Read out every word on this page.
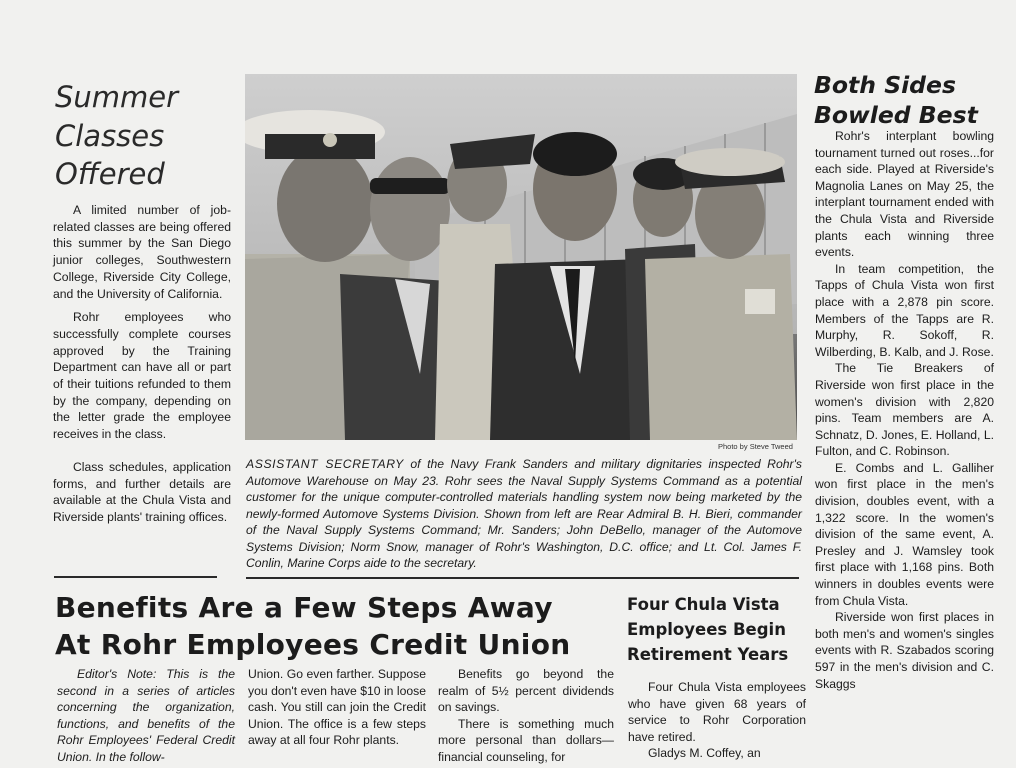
Summer Classes Offered

A limited number of job-related classes are being offered this summer by the San Diego junior colleges, Southwestern College, Riverside City College, and the University of California.

Rohr employees who successfully complete courses approved by the Training Department can have all or part of their tuitions refunded to them by the company, depending on the letter grade the employee receives in the class.

Class schedules, application forms, and further details are available at the Chula Vista and Riverside plants' training offices.

Photo by Steve Tweed
ASSISTANT SECRETARY of the Navy Frank Sanders and military dignitaries inspected Rohr's Automove Warehouse on May 23. Rohr sees the Naval Supply Systems Command as a potential customer for the unique computer-controlled materials handling system now being marketed by the newly-formed Automove Systems Division. Shown from left are Rear Admiral B. H. Bieri, commander of the Naval Supply Systems Command; Mr. Sanders; John DeBello, manager of the Automove Systems Division; Norm Snow, manager of Rohr's Washington, D.C. office; and Lt. Col. James F. Conlin, Marine Corps aide to the secretary.
Both Sides Bowled Best

Rohr's interplant bowling tournament turned out roses...for each side. Played at Riverside's Magnolia Lanes on May 25, the interplant tournament ended with the Chula Vista and Riverside plants each winning three events.

In team competition, the Tapps of Chula Vista won first place with a 2,878 pin score. Members of the Tapps are R. Murphy, R. Sokoff, R. Wilberding, B. Kalb, and J. Rose.

The Tie Breakers of Riverside won first place in the women's division with 2,820 pins. Team members are A. Schnatz, D. Jones, E. Holland, L. Fulton, and C. Robinson.

E. Combs and L. Galliher won first place in the men's division, doubles event, with a 1,322 score. In the women's division of the same event, A. Presley and J. Wamsley took first place with 1,168 pins. Both winners in doubles events were from Chula Vista.

Riverside won first places in both men's and women's singles events with R. Szabados scoring 597 in the men's division and C. Skaggs

Benefits Are a Few Steps Away
At Rohr Employees Credit Union
Editor's Note: This is the second in a series of articles concerning the organization, functions, and benefits of the Rohr Employees' Federal Credit Union. In the follow-
Union. Go even farther. Suppose you don't even have $10 in loose cash. You still can join the Credit Union. The office is a few steps away at all four Rohr plants.

Benefits go beyond the realm of 5½ percent dividends on savings.

There is something much more personal than dollars—financial counseling, for

Four Chula Vista Employees Begin Retirement Years

Four Chula Vista employees who have given 68 years of service to Rohr Corporation have retired.

Gladys M. Coffey, an
